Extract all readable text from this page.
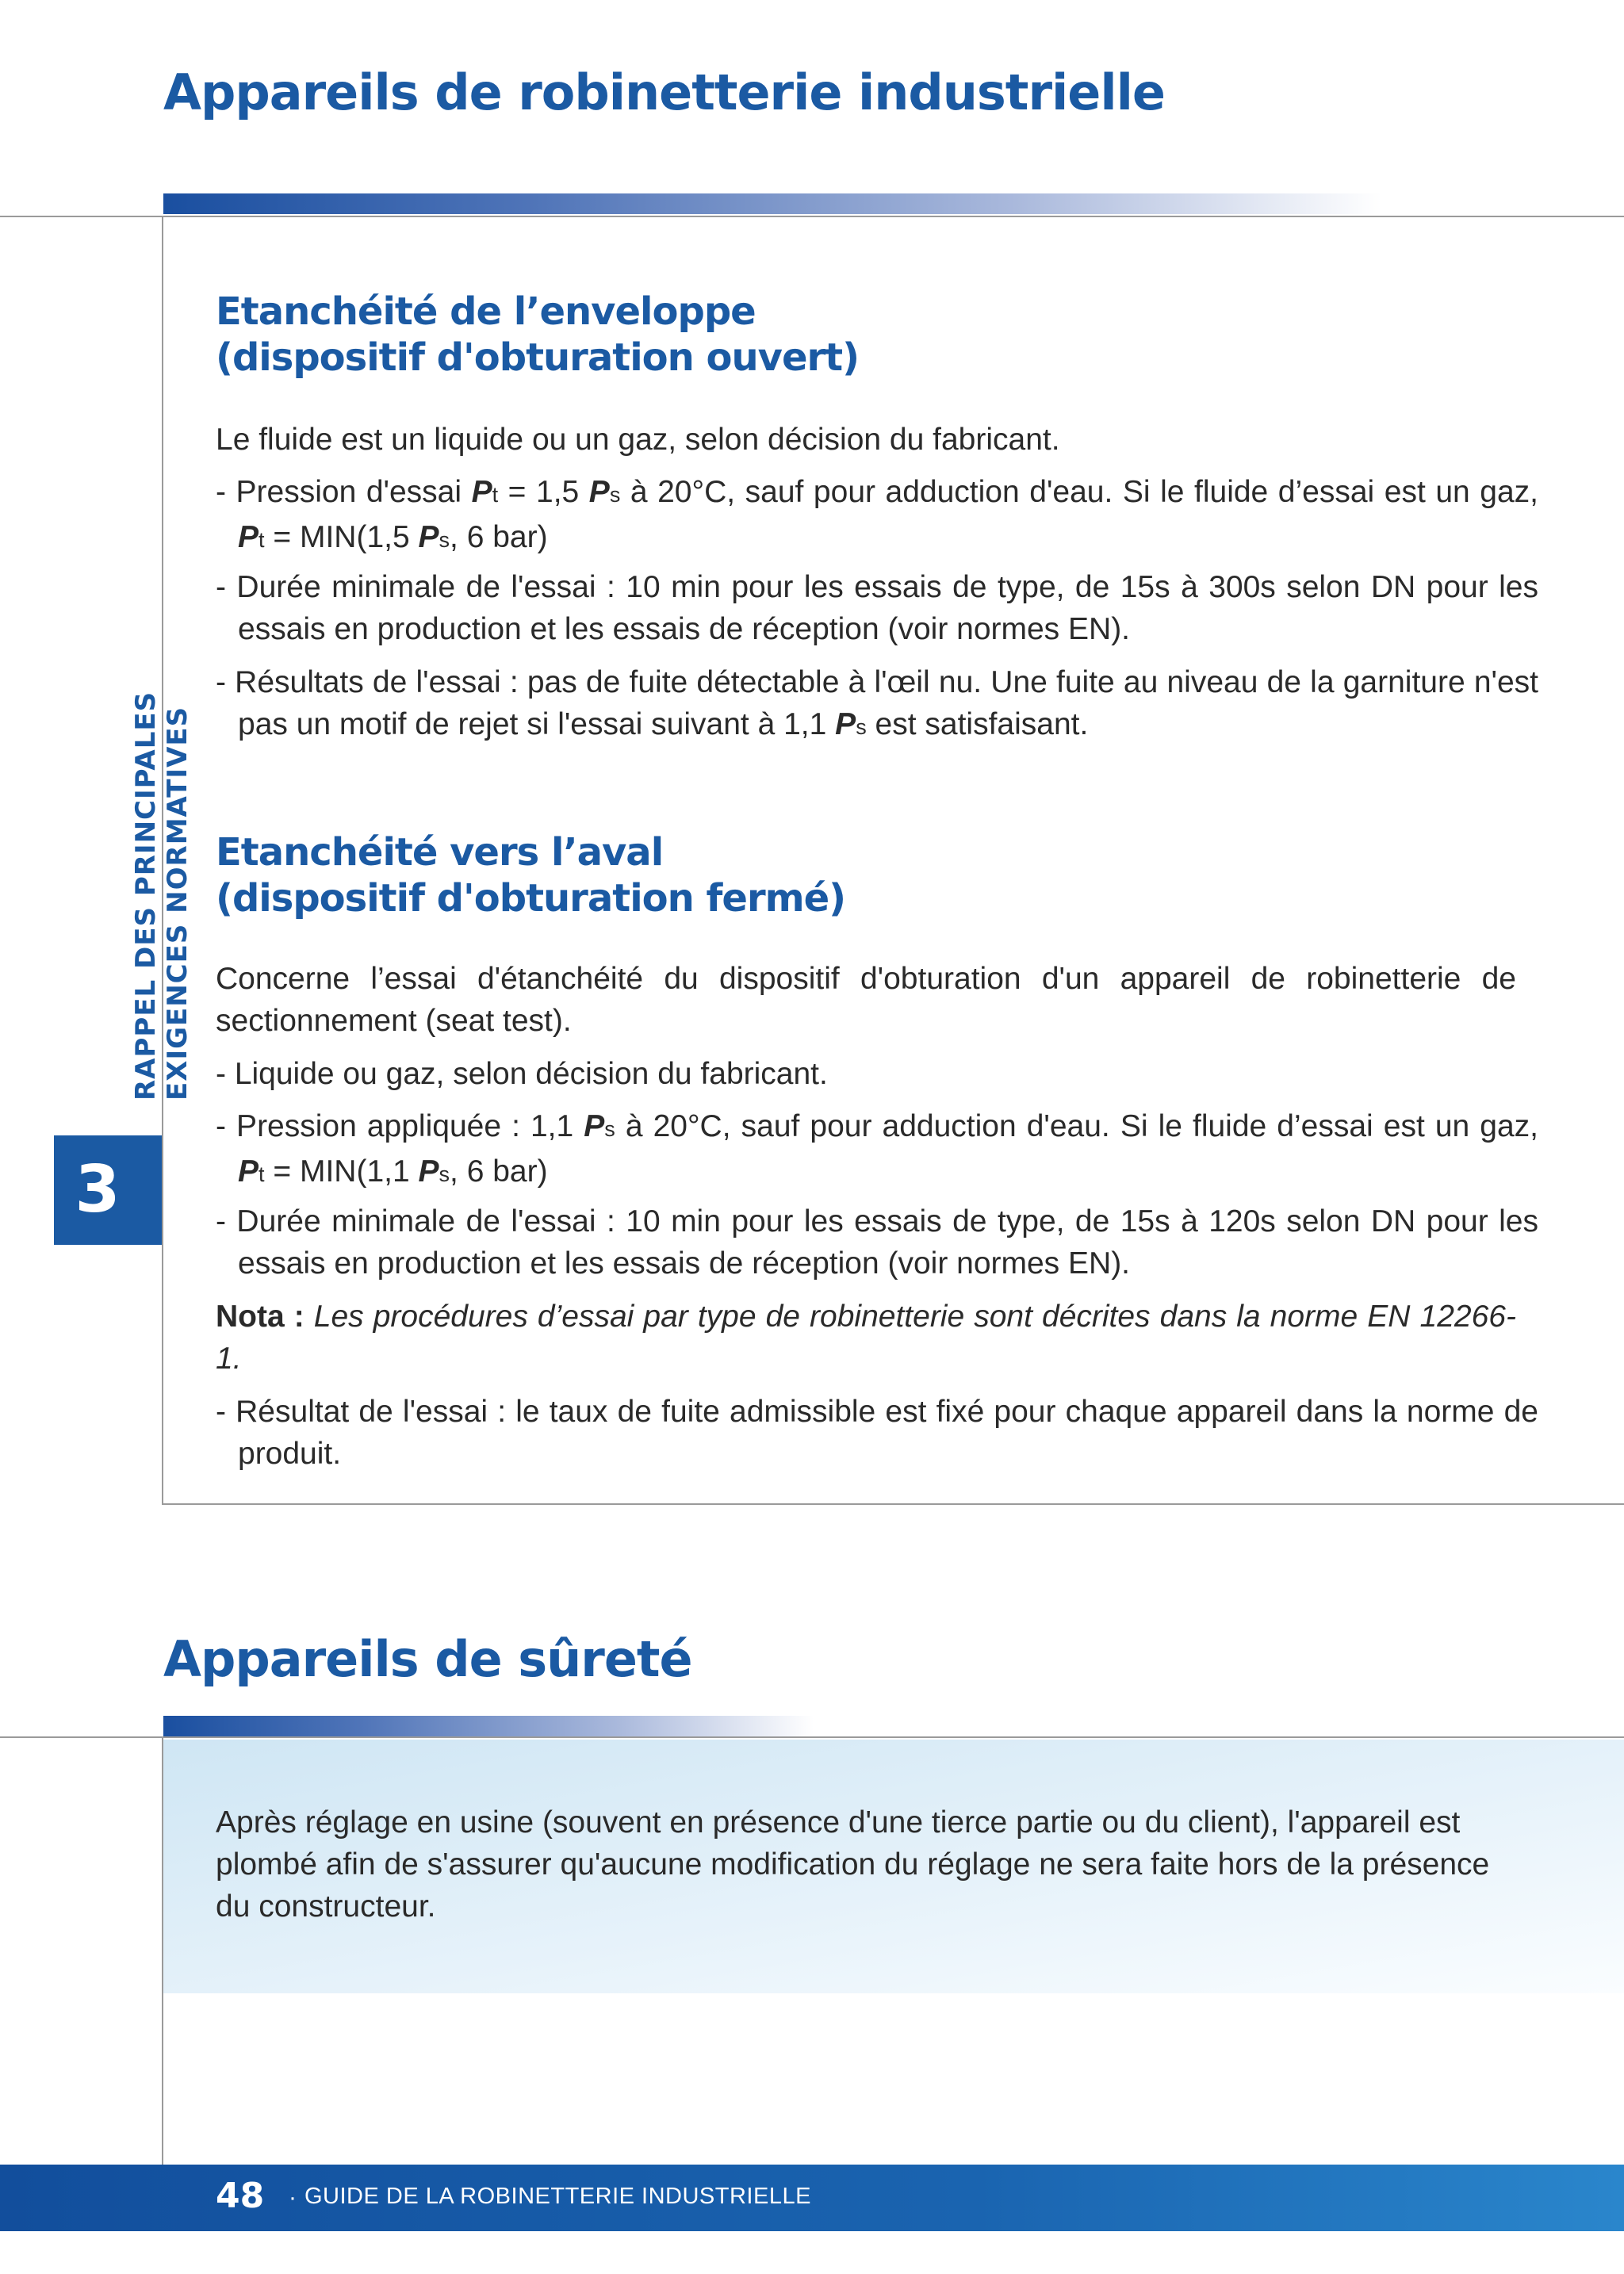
Appareils de robinetterie industrielle
Etanchéité de l’enveloppe
(dispositif d'obturation ouvert)

Le fluide est un liquide ou un gaz, selon décision du fabricant.

- Pression d'essai Pt = 1,5 Ps à 20°C, sauf pour adduction d'eau. Si le fluide d’essai est un gaz, Pt = MIN(1,5 Ps, 6 bar)

- Durée minimale de l'essai : 10 min pour les essais de type, de 15s à 300s selon DN pour les essais en production et les essais de réception (voir normes EN).

- Résultats de l'essai : pas de fuite détectable à l'œil nu. Une fuite au niveau de la garniture n'est pas un motif de rejet si l'essai suivant à 1,1 Ps est satisfaisant.

Etanchéité vers l’aval
(dispositif d'obturation fermé)

Concerne l’essai d'étanchéité du dispositif d'obturation d'un appareil de robinetterie de sectionnement (seat test).

- Liquide ou gaz, selon décision du fabricant.

- Pression appliquée : 1,1 Ps à 20°C, sauf pour adduction d'eau. Si le fluide d’essai est un gaz, Pt = MIN(1,1 Ps, 6 bar)

- Durée minimale de l'essai : 10 min pour les essais de type, de 15s à 120s selon DN pour les essais en production et les essais de réception (voir normes EN).

Nota : Les procédures d’essai par type de robinetterie sont décrites dans la norme EN 12266-1.

- Résultat de l'essai : le taux de fuite admissible est fixé pour chaque appareil dans la norme de produit.

RAPPEL DES PRINCIPALES EXIGENCES NORMATIVES
3
Appareils de sûreté

Après réglage en usine (souvent en présence d'une tierce partie ou du client), l'appareil est plombé afin de s'assurer qu'aucune modification du réglage ne sera faite hors de la présence du constructeur.

48 · GUIDE DE LA ROBINETTERIE INDUSTRIELLE
